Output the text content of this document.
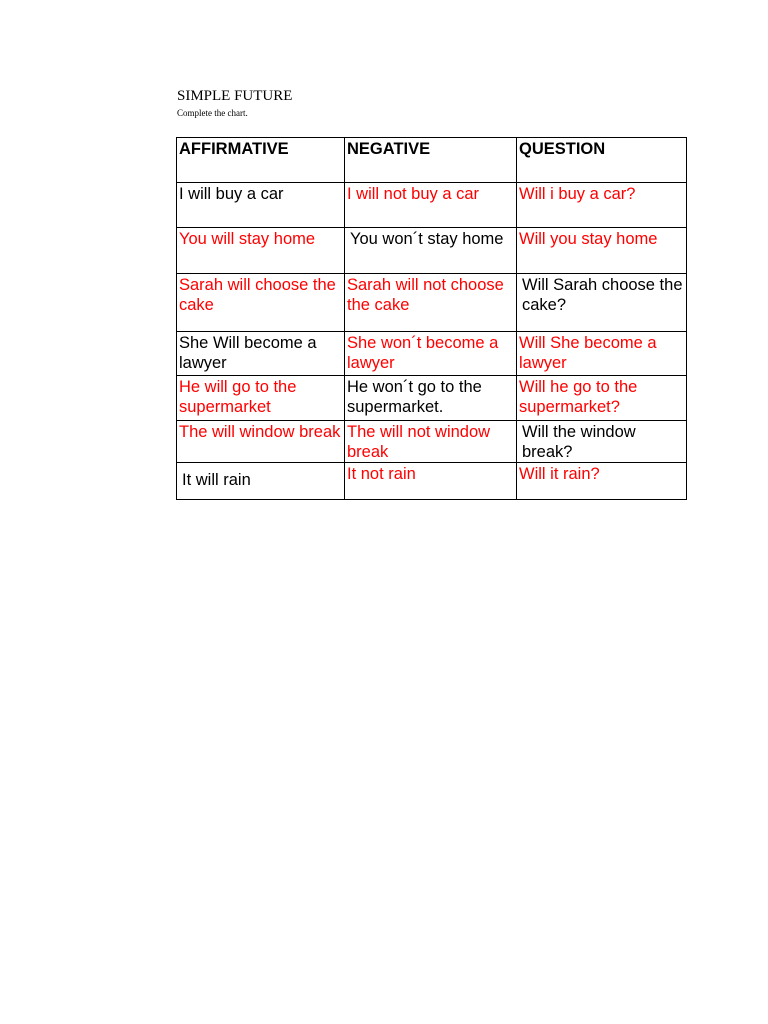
SIMPLE FUTURE
Complete the chart.
AFFIRMATIVE	NEGATIVE	QUESTION
I will buy a car	I will not buy a car	Will i buy a car?
You will stay home	You won´t stay home	Will you stay home
Sarah will choose the cake	Sarah will not choose the cake	Will Sarah choose the cake?
She Will become a lawyer	She won´t become a lawyer	Will She become a lawyer
He will go to the supermarket	He won´t go to the supermarket.	Will he go to the supermarket?
The will window break	The will not window break	Will the window break?
It will rain	It not rain	Will it rain?
